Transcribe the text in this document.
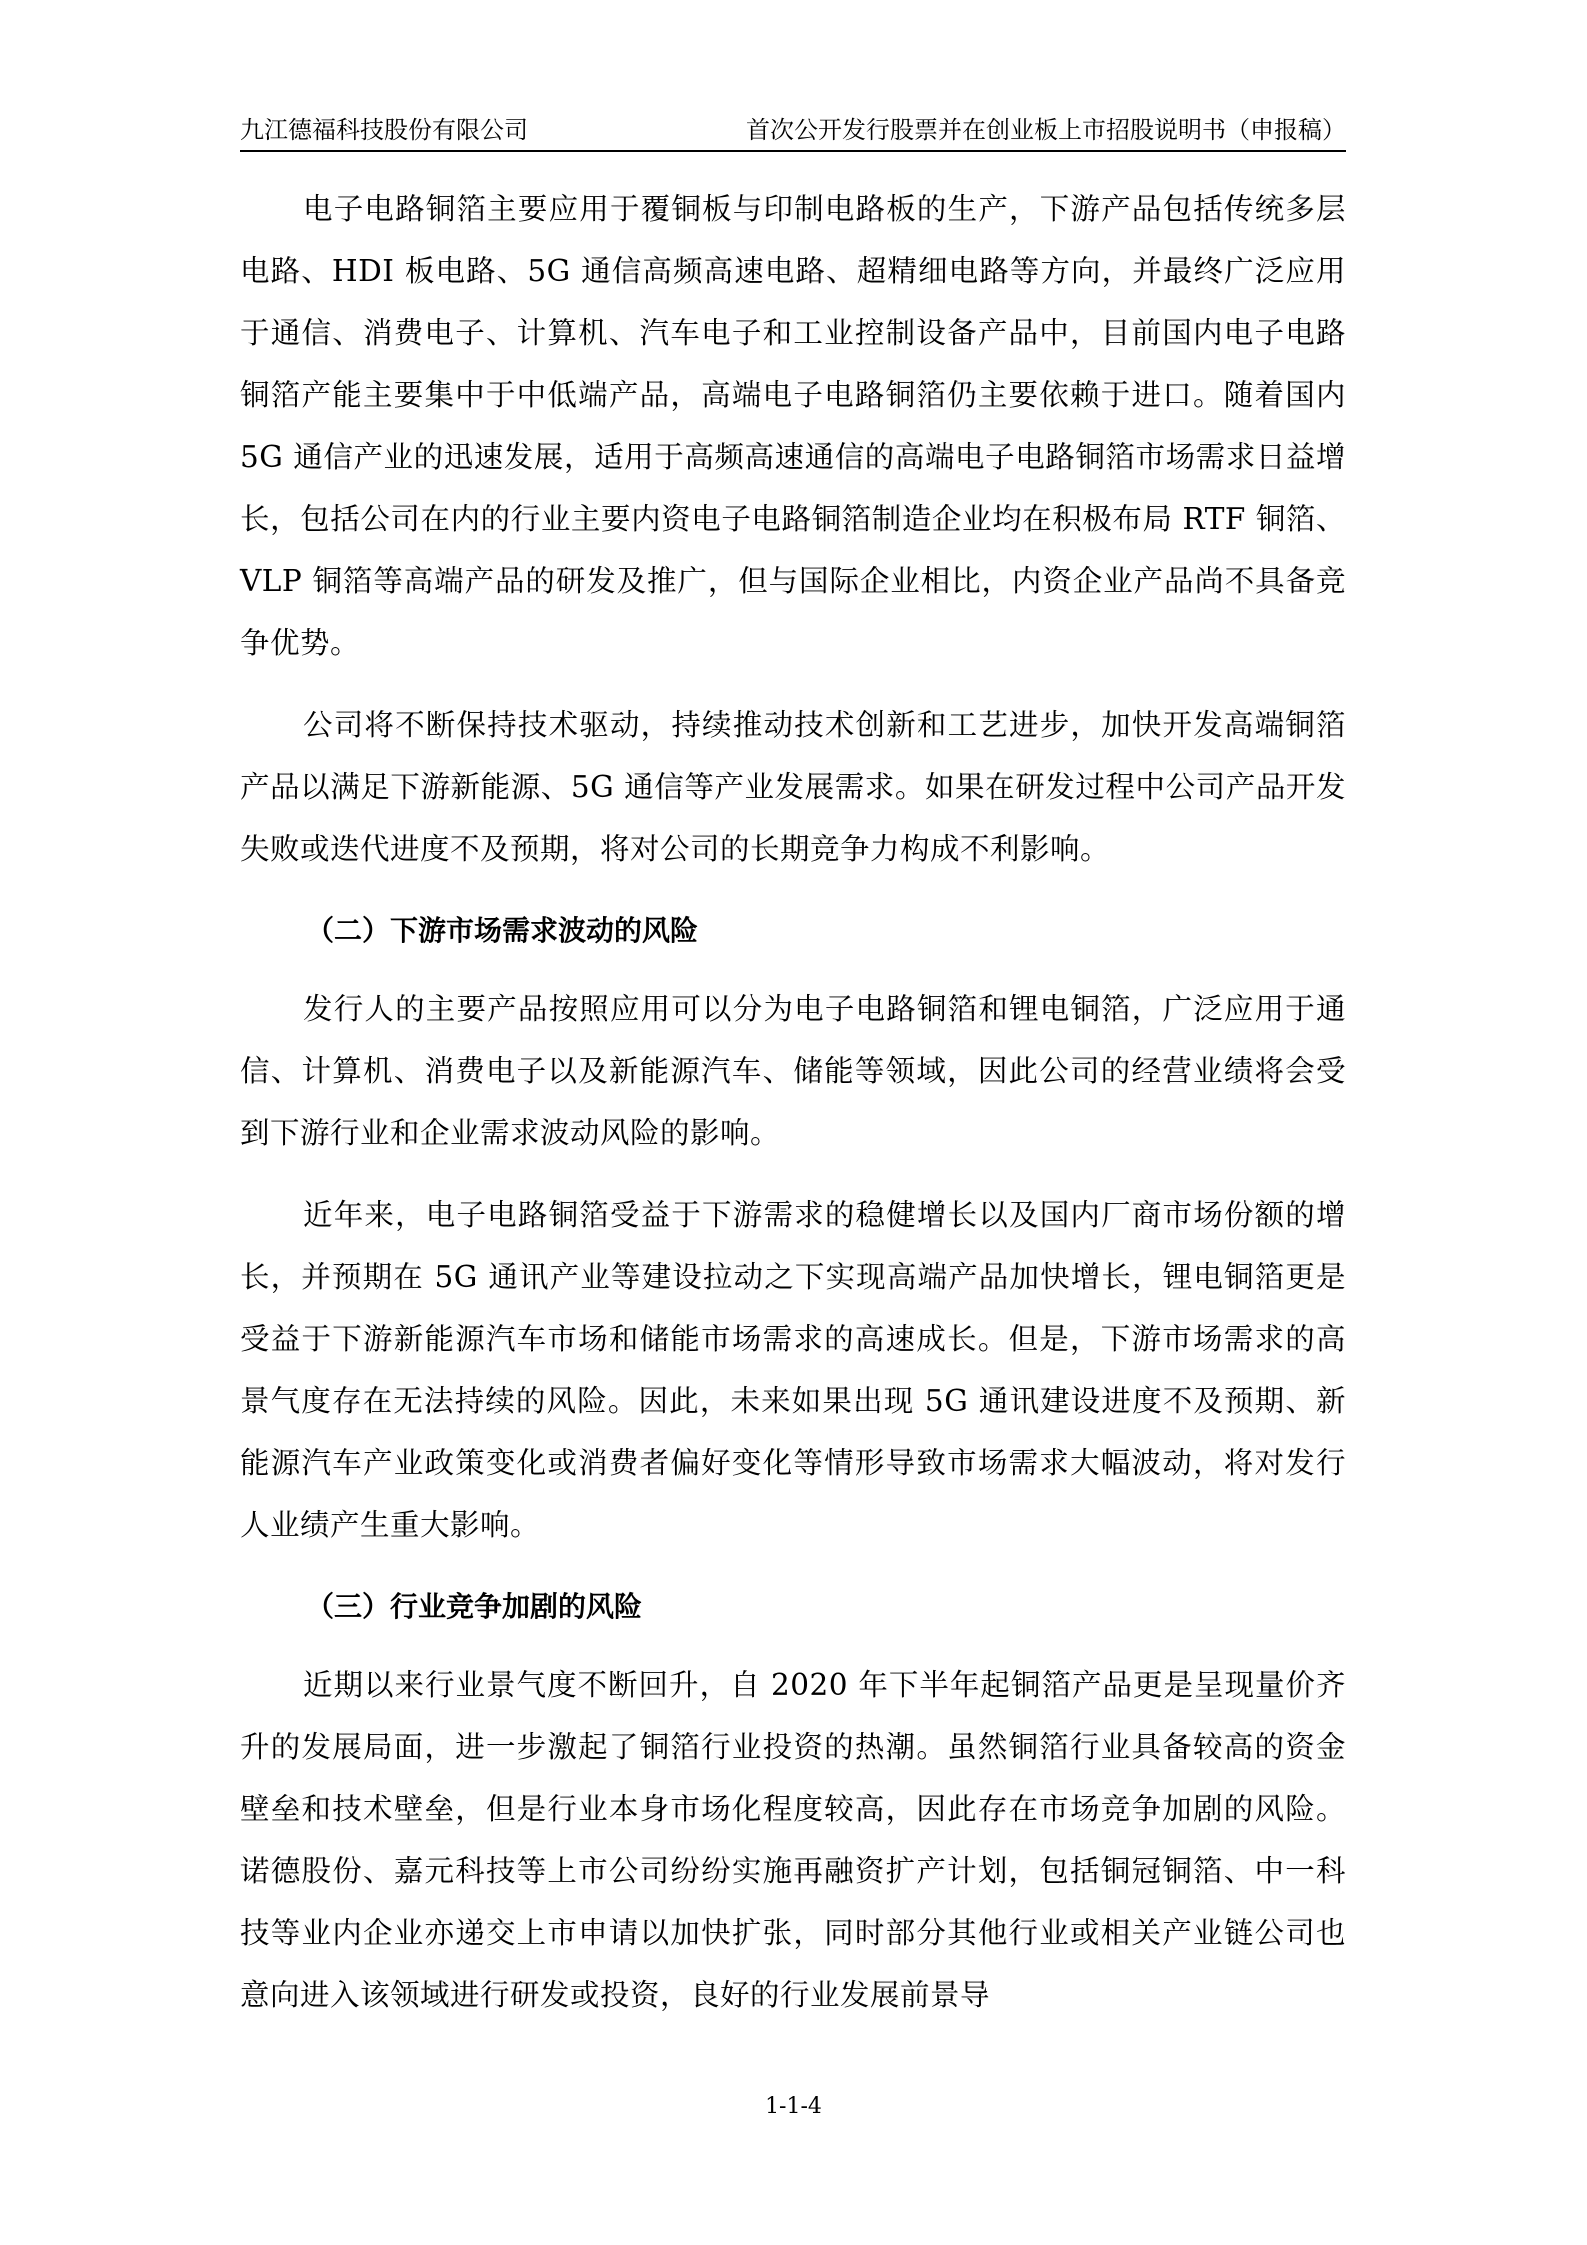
九江德福科技股份有限公司	首次公开发行股票并在创业板上市招股说明书（申报稿）

电子电路铜箔主要应用于覆铜板与印制电路板的生产，下游产品包括传统多层电路、HDI 板电路、5G 通信高频高速电路、超精细电路等方向，并最终广泛应用于通信、消费电子、计算机、汽车电子和工业控制设备产品中，目前国内电子电路铜箔产能主要集中于中低端产品，高端电子电路铜箔仍主要依赖于进口。随着国内 5G 通信产业的迅速发展，适用于高频高速通信的高端电子电路铜箔市场需求日益增长，包括公司在内的行业主要内资电子电路铜箔制造企业均在积极布局 RTF 铜箔、VLP 铜箔等高端产品的研发及推广，但与国际企业相比，内资企业产品尚不具备竞争优势。

公司将不断保持技术驱动，持续推动技术创新和工艺进步，加快开发高端铜箔产品以满足下游新能源、5G 通信等产业发展需求。如果在研发过程中公司产品开发失败或迭代进度不及预期，将对公司的长期竞争力构成不利影响。

（二）下游市场需求波动的风险

发行人的主要产品按照应用可以分为电子电路铜箔和锂电铜箔，广泛应用于通信、计算机、消费电子以及新能源汽车、储能等领域，因此公司的经营业绩将会受到下游行业和企业需求波动风险的影响。

近年来，电子电路铜箔受益于下游需求的稳健增长以及国内厂商市场份额的增长，并预期在 5G 通讯产业等建设拉动之下实现高端产品加快增长，锂电铜箔更是受益于下游新能源汽车市场和储能市场需求的高速成长。但是，下游市场需求的高景气度存在无法持续的风险。因此，未来如果出现 5G 通讯建设进度不及预期、新能源汽车产业政策变化或消费者偏好变化等情形导致市场需求大幅波动，将对发行人业绩产生重大影响。

（三）行业竞争加剧的风险

近期以来行业景气度不断回升，自 2020 年下半年起铜箔产品更是呈现量价齐升的发展局面，进一步激起了铜箔行业投资的热潮。虽然铜箔行业具备较高的资金壁垒和技术壁垒，但是行业本身市场化程度较高，因此存在市场竞争加剧的风险。诺德股份、嘉元科技等上市公司纷纷实施再融资扩产计划，包括铜冠铜箔、中一科技等业内企业亦递交上市申请以加快扩张，同时部分其他行业或相关产业链公司也意向进入该领域进行研发或投资，良好的行业发展前景导

1-1-4
